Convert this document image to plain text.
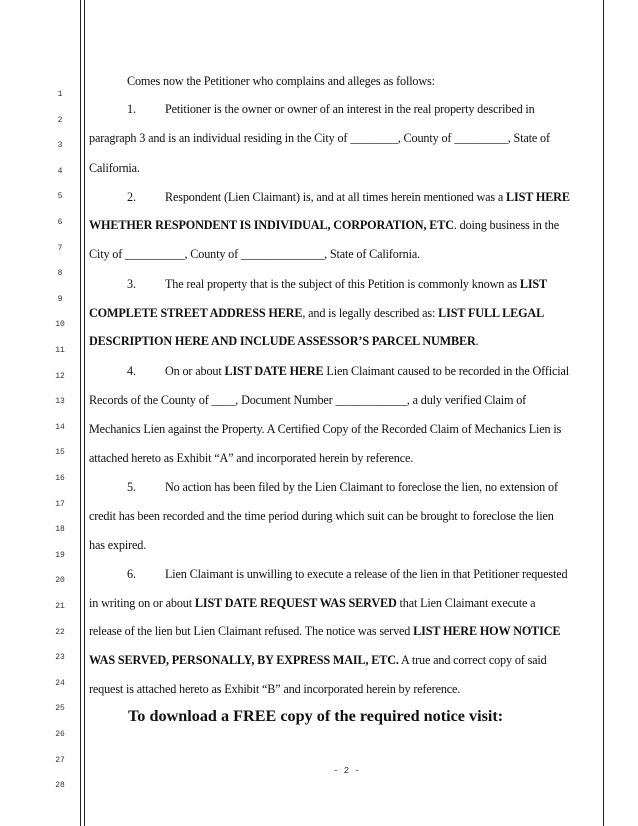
1
2
3
4
5
6
7
8
9
10
11
12
13
14
15
16
17
18
19
20
21
22
23
24
25
26
27
28
Comes now the Petitioner who complains and alleges as follows:
1. Petitioner is the owner or owner of an interest in the real property described in
paragraph 3 and is an individual residing in the City of ________, County of _________, State of
California.
2. Respondent (Lien Claimant) is, and at all times herein mentioned was a LIST HERE
WHETHER RESPONDENT IS INDIVIDUAL, CORPORATION, ETC. doing business in the
City of __________, County of ______________, State of California.
3. The real property that is the subject of this Petition is commonly known as LIST
COMPLETE STREET ADDRESS HERE, and is legally described as: LIST FULL LEGAL
DESCRIPTION HERE AND INCLUDE ASSESSOR’S PARCEL NUMBER.
4. On or about LIST DATE HERE Lien Claimant caused to be recorded in the Official
Records of the County of ____, Document Number ____________, a duly verified Claim of
Mechanics Lien against the Property. A Certified Copy of the Recorded Claim of Mechanics Lien is
attached hereto as Exhibit “A” and incorporated herein by reference.
5. No action has been filed by the Lien Claimant to foreclose the lien, no extension of
credit has been recorded and the time period during which suit can be brought to foreclose the lien
has expired.
6. Lien Claimant is unwilling to execute a release of the lien in that Petitioner requested
in writing on or about LIST DATE REQUEST WAS SERVED that Lien Claimant execute a
release of the lien but Lien Claimant refused. The notice was served LIST HERE HOW NOTICE
WAS SERVED, PERSONALLY, BY EXPRESS MAIL, ETC. A true and correct copy of said
request is attached hereto as Exhibit “B” and incorporated herein by reference.
To download a FREE copy of the required notice visit:
- 2 -
